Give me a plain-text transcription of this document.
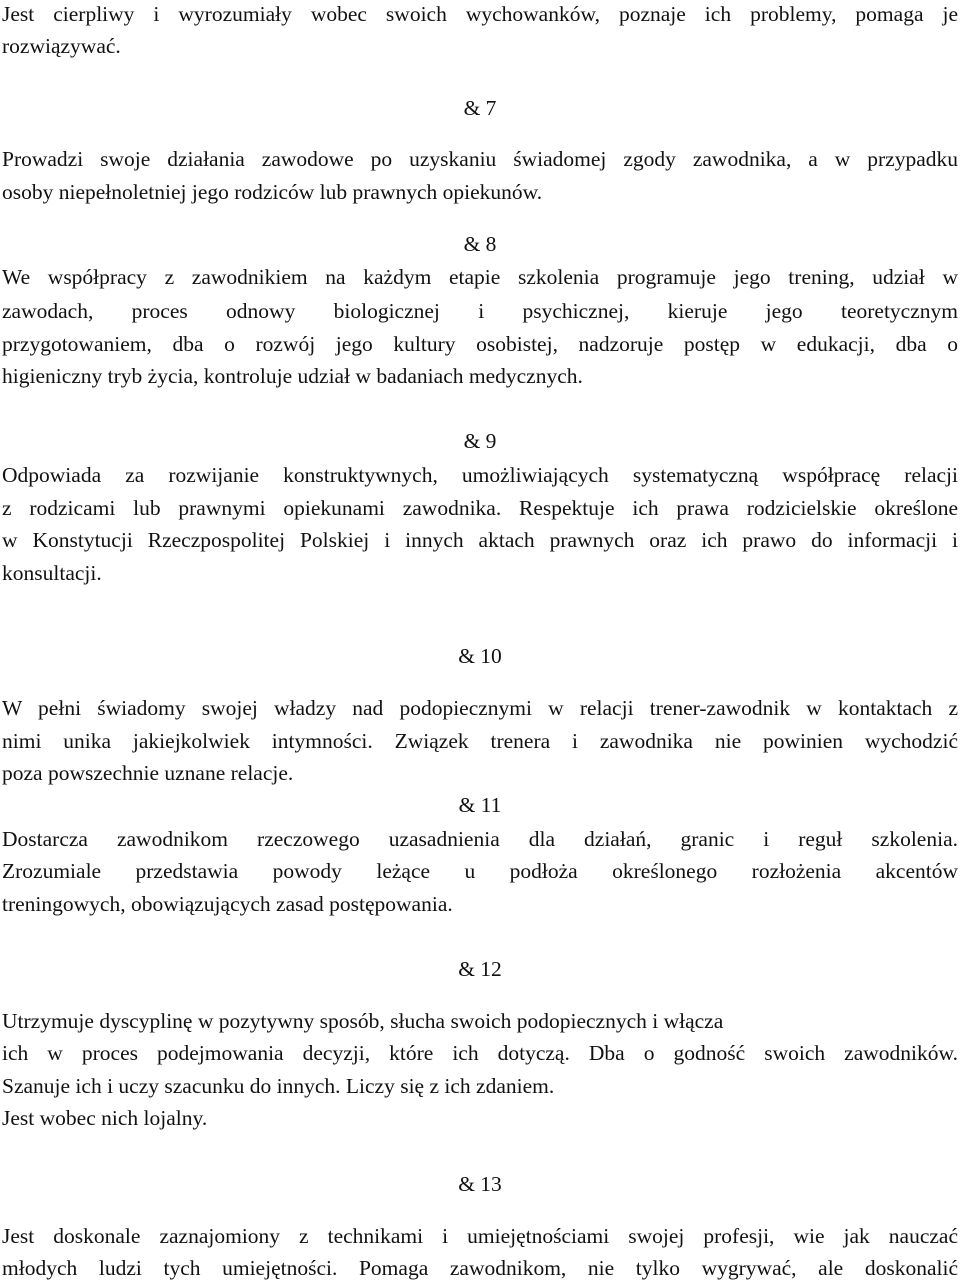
Jest cierpliwy i wyrozumiały wobec swoich wychowanków, poznaje ich problemy, pomaga je
rozwiązywać.
& 7
Prowadzi swoje działania zawodowe po uzyskaniu świadomej zgody zawodnika, a w przypadku
osoby niepełnoletniej jego rodziców lub prawnych opiekunów.
& 8
We współpracy z zawodnikiem na każdym etapie szkolenia programuje jego trening, udział w
zawodach, proces odnowy biologicznej i psychicznej, kieruje jego teoretycznym
przygotowaniem, dba o rozwój jego kultury osobistej, nadzoruje postęp w edukacji, dba o
higieniczny tryb życia, kontroluje udział w badaniach medycznych.
& 9
Odpowiada za rozwijanie konstruktywnych, umożliwiających systematyczną współpracę relacji
z rodzicami lub prawnymi opiekunami zawodnika. Respektuje ich prawa rodzicielskie określone
w Konstytucji Rzeczpospolitej Polskiej i innych aktach prawnych oraz ich prawo do informacji i
konsultacji.
& 10
W pełni świadomy swojej władzy nad podopiecznymi w relacji trener-zawodnik w kontaktach z
nimi unika jakiejkolwiek intymności. Związek trenera i zawodnika nie powinien wychodzić
poza powszechnie uznane relacje.
& 11
Dostarcza zawodnikom rzeczowego uzasadnienia dla działań, granic i reguł szkolenia.
Zrozumiale przedstawia powody leżące u podłoża określonego rozłożenia akcentów
treningowych, obowiązujących zasad postępowania.
& 12
Utrzymuje dyscyplinę w pozytywny sposób, słucha swoich podopiecznych i włącza
ich w proces podejmowania decyzji, które ich dotyczą. Dba o godność swoich zawodników.
Szanuje ich i uczy szacunku do innych. Liczy się z ich zdaniem.
Jest wobec nich lojalny.
& 13
Jest doskonale zaznajomiony z technikami i umiejętnościami swojej profesji, wie jak nauczać
młodych ludzi tych umiejętności. Pomaga zawodnikom, nie tylko wygrywać, ale doskonalić
